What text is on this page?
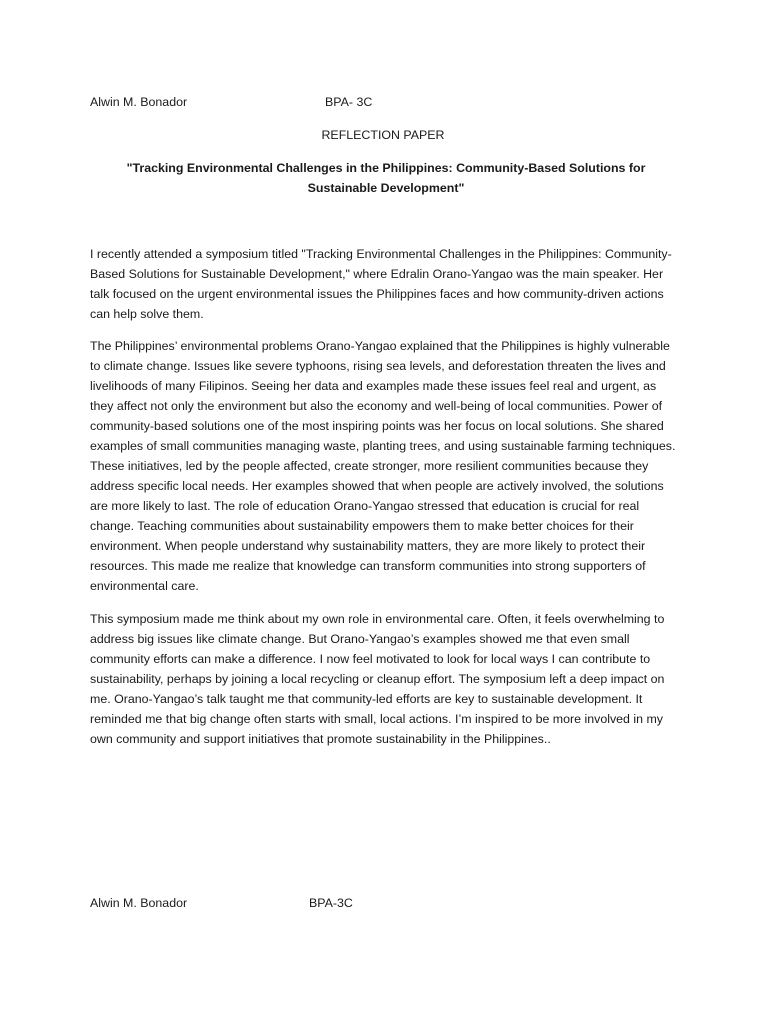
Alwin M. Bonador	BPA- 3C
REFLECTION PAPER
"Tracking Environmental Challenges in the Philippines: Community-Based Solutions for Sustainable Development"

I recently attended a symposium titled "Tracking Environmental Challenges in the Philippines: Community-Based Solutions for Sustainable Development," where Edralin Orano-Yangao was the main speaker. Her talk focused on the urgent environmental issues the Philippines faces and how community-driven actions can help solve them.

The Philippines’ environmental problems Orano-Yangao explained that the Philippines is highly vulnerable to climate change. Issues like severe typhoons, rising sea levels, and deforestation threaten the lives and livelihoods of many Filipinos. Seeing her data and examples made these issues feel real and urgent, as they affect not only the environment but also the economy and well-being of local communities. Power of community-based solutions one of the most inspiring points was her focus on local solutions. She shared examples of small communities managing waste, planting trees, and using sustainable farming techniques. These initiatives, led by the people affected, create stronger, more resilient communities because they address specific local needs. Her examples showed that when people are actively involved, the solutions are more likely to last. The role of education Orano-Yangao stressed that education is crucial for real change. Teaching communities about sustainability empowers them to make better choices for their environment. When people understand why sustainability matters, they are more likely to protect their resources. This made me realize that knowledge can transform communities into strong supporters of environmental care.

This symposium made me think about my own role in environmental care. Often, it feels overwhelming to address big issues like climate change. But Orano-Yangao’s examples showed me that even small community efforts can make a difference. I now feel motivated to look for local ways I can contribute to sustainability, perhaps by joining a local recycling or cleanup effort. The symposium left a deep impact on me. Orano-Yangao’s talk taught me that community-led efforts are key to sustainable development. It reminded me that big change often starts with small, local actions. I’m inspired to be more involved in my own community and support initiatives that promote sustainability in the Philippines..

Alwin M. Bonador	BPA-3C
